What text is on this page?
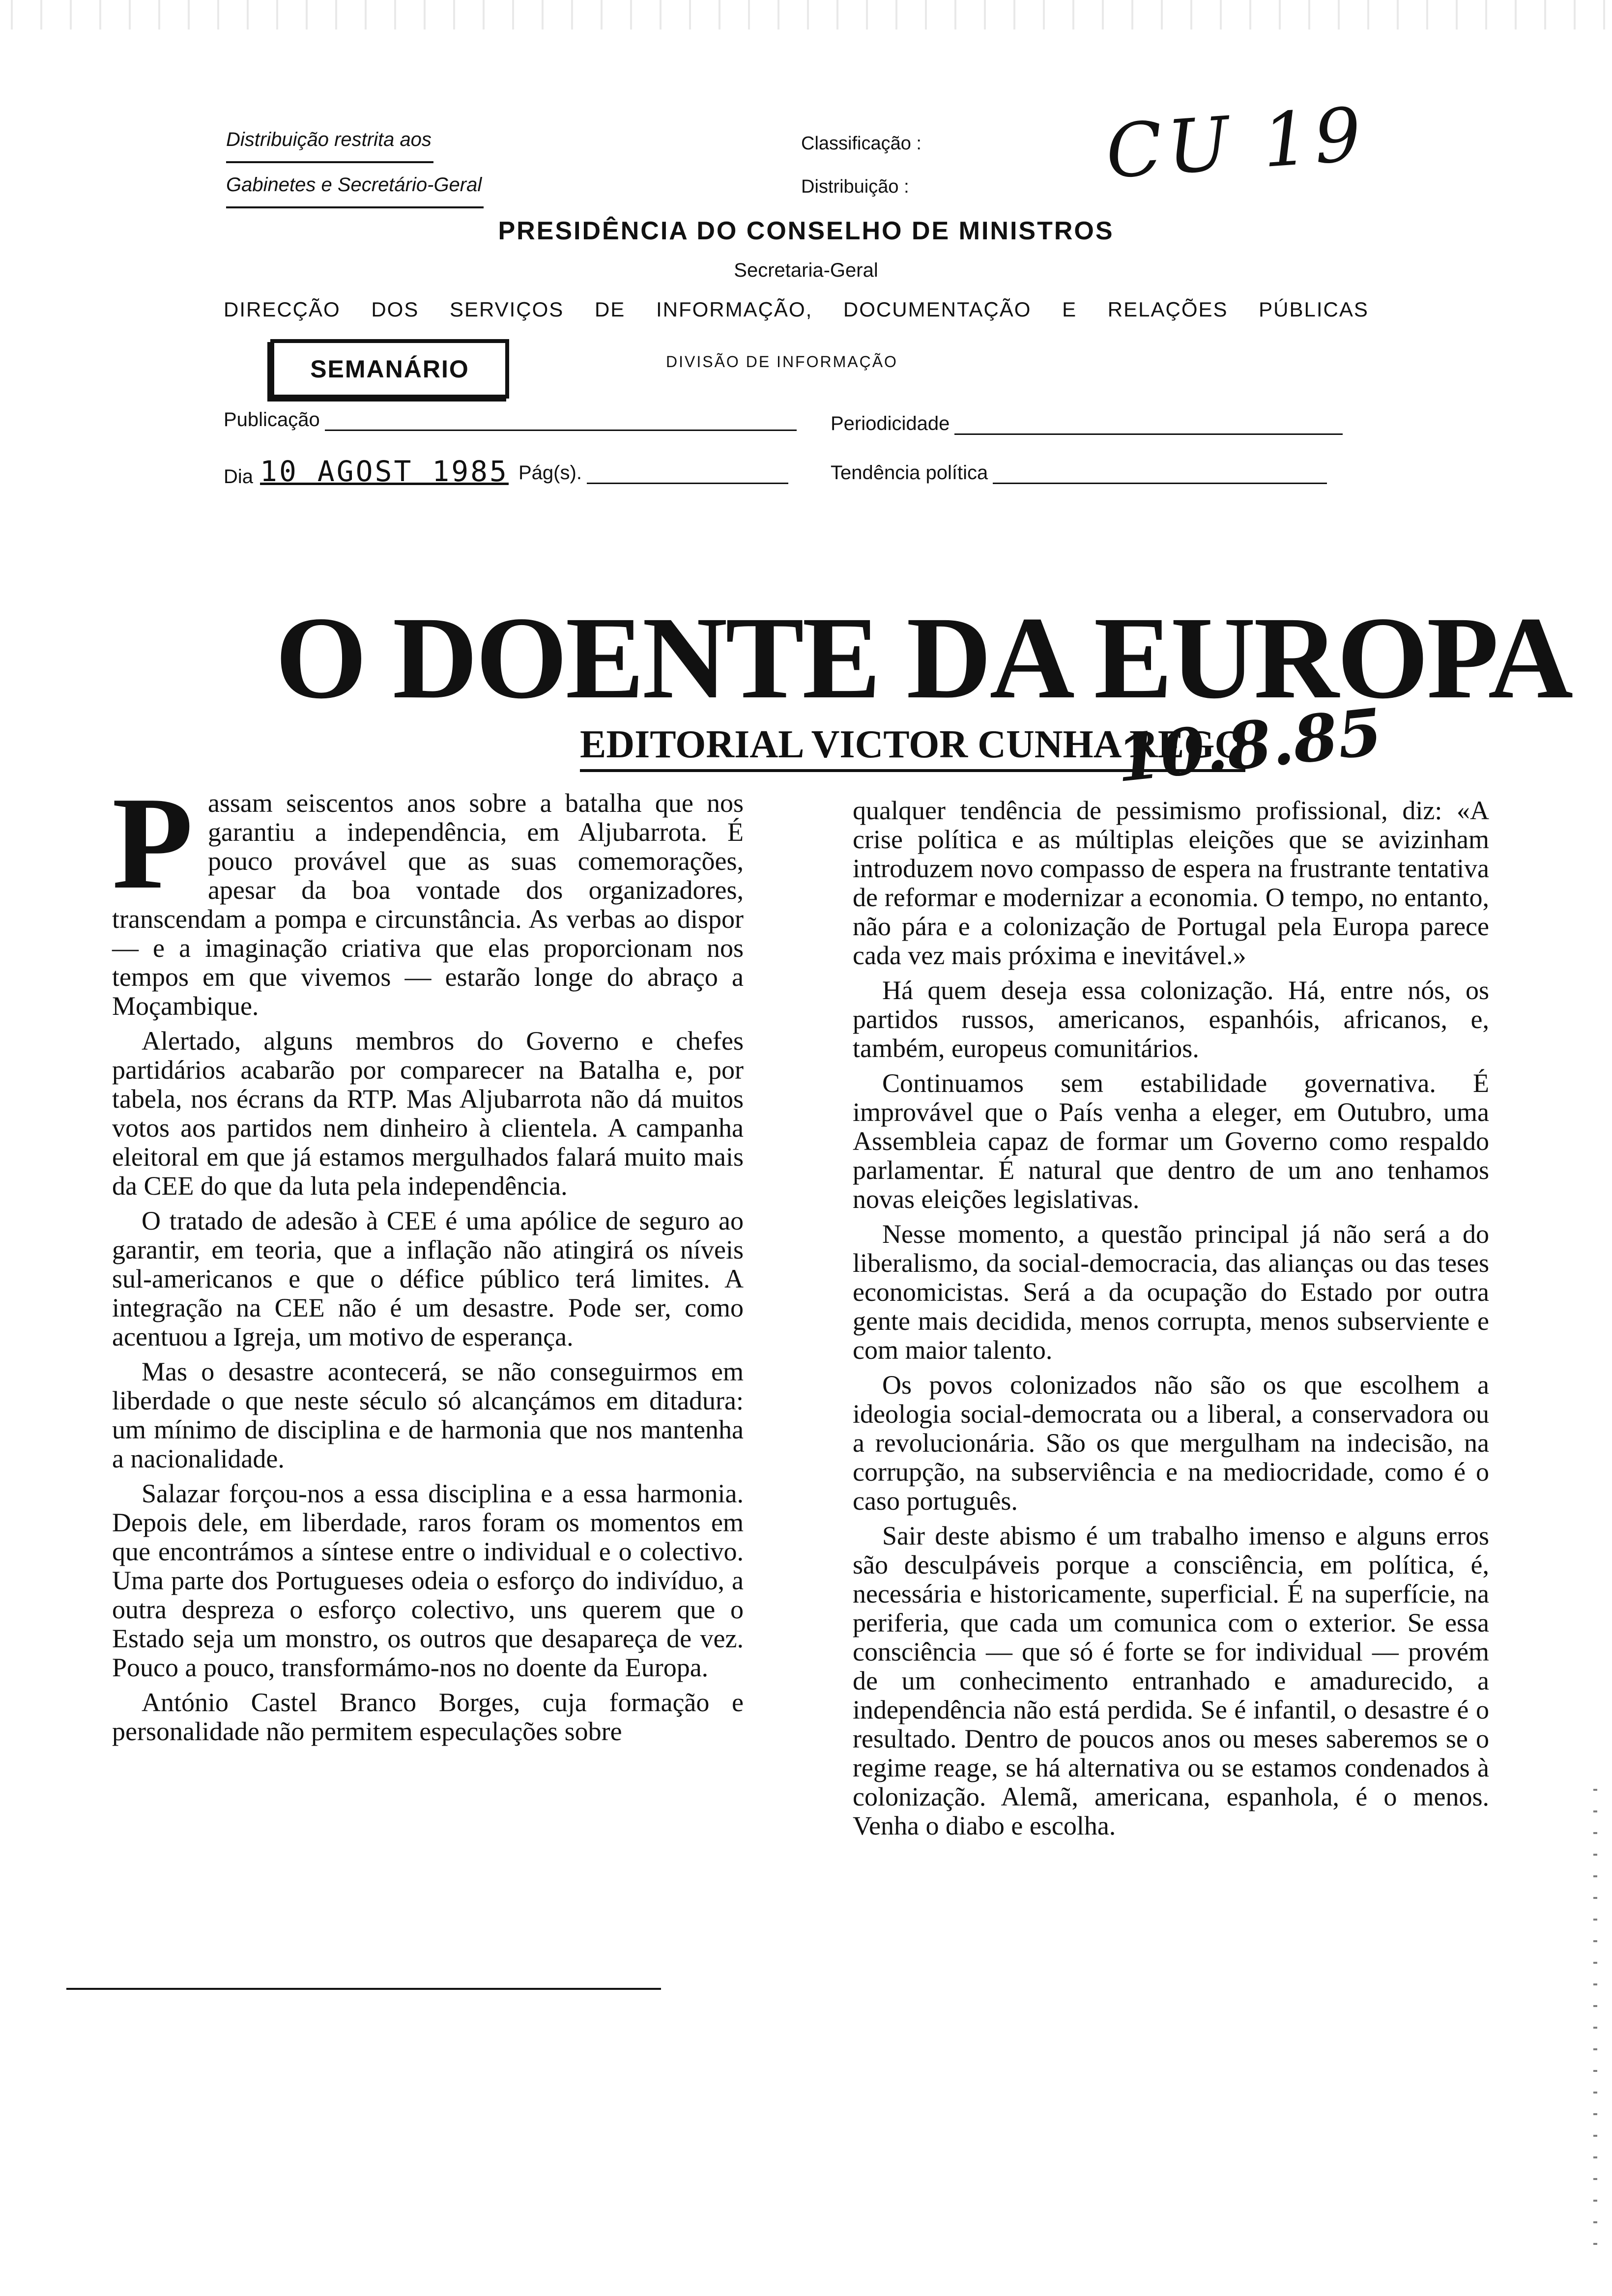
Distribuição restrita aos
Gabinetes e Secretário-Geral
Classificação :
Distribuição :	CU 19
PRESIDÊNCIA DO CONSELHO DE MINISTROS
Secretaria-Geral
DIRECÇÃO DOS SERVIÇOS DE INFORMAÇÃO, DOCUMENTAÇÃO E RELAÇÕES PÚBLICAS
SEMANÁRIO	DIVISÃO DE INFORMAÇÃO
Publicação	Periodicidade
Dia 10 AGOST 1985 Pág(s).	Tendência política
O DOENTE DA EUROPA
EDITORIAL VICTOR CUNHA REGO
10.8.85

Passam seiscentos anos sobre a batalha que nos garantiu a independência, em Aljubarrota. É pouco provável que as suas comemorações, apesar da boa vontade dos organizadores, transcendam a pompa e circunstância. As verbas ao dispor — e a imaginação criativa que elas proporcionam nos tempos em que vivemos — estarão longe do abraço a Moçambique.

Alertado, alguns membros do Governo e chefes partidários acabarão por comparecer na Batalha e, por tabela, nos écrans da RTP. Mas Aljubarrota não dá muitos votos aos partidos nem dinheiro à clientela. A campanha eleitoral em que já estamos mergulhados falará muito mais da CEE do que da luta pela independência.

O tratado de adesão à CEE é uma apólice de seguro ao garantir, em teoria, que a inflação não atingirá os níveis sul-americanos e que o défice público terá limites. A integração na CEE não é um desastre. Pode ser, como acentuou a Igreja, um motivo de esperança.

Mas o desastre acontecerá, se não conseguirmos em liberdade o que neste século só alcançámos em ditadura: um mínimo de disciplina e de harmonia que nos mantenha a nacionalidade.

Salazar forçou-nos a essa disciplina e a essa harmonia. Depois dele, em liberdade, raros foram os momentos em que encontrámos a síntese entre o individual e o colectivo. Uma parte dos Portugueses odeia o esforço do indivíduo, a outra despreza o esforço colectivo, uns querem que o Estado seja um monstro, os outros que desapareça de vez. Pouco a pouco, transformámo-nos no doente da Europa.

António Castel Branco Borges, cuja formação e personalidade não permitem especulações sobre

qualquer tendência de pessimismo profissional, diz: «A crise política e as múltiplas eleições que se avizinham introduzem novo compasso de espera na frustrante tentativa de reformar e modernizar a economia. O tempo, no entanto, não pára e a colonização de Portugal pela Europa parece cada vez mais próxima e inevitável.»

Há quem deseja essa colonização. Há, entre nós, os partidos russos, americanos, espanhóis, africanos, e, também, europeus comunitários.

Continuamos sem estabilidade governativa. É improvável que o País venha a eleger, em Outubro, uma Assembleia capaz de formar um Governo como respaldo parlamentar. É natural que dentro de um ano tenhamos novas eleições legislativas.

Nesse momento, a questão principal já não será a do liberalismo, da social-democracia, das alianças ou das teses economicistas. Será a da ocupação do Estado por outra gente mais decidida, menos corrupta, menos subserviente e com maior talento.

Os povos colonizados não são os que escolhem a ideologia social-democrata ou a liberal, a conservadora ou a revolucionária. São os que mergulham na indecisão, na corrupção, na subserviência e na mediocridade, como é o caso português.

Sair deste abismo é um trabalho imenso e alguns erros são desculpáveis porque a consciência, em política, é, necessária e historicamente, superficial. É na superfície, na periferia, que cada um comunica com o exterior. Se essa consciência — que só é forte se for individual — provém de um conhecimento entranhado e amadurecido, a independência não está perdida. Se é infantil, o desastre é o resultado. Dentro de poucos anos ou meses saberemos se o regime reage, se há alternativa ou se estamos condenados à colonização. Alemã, americana, espanhola, é o menos. Venha o diabo e escolha.
